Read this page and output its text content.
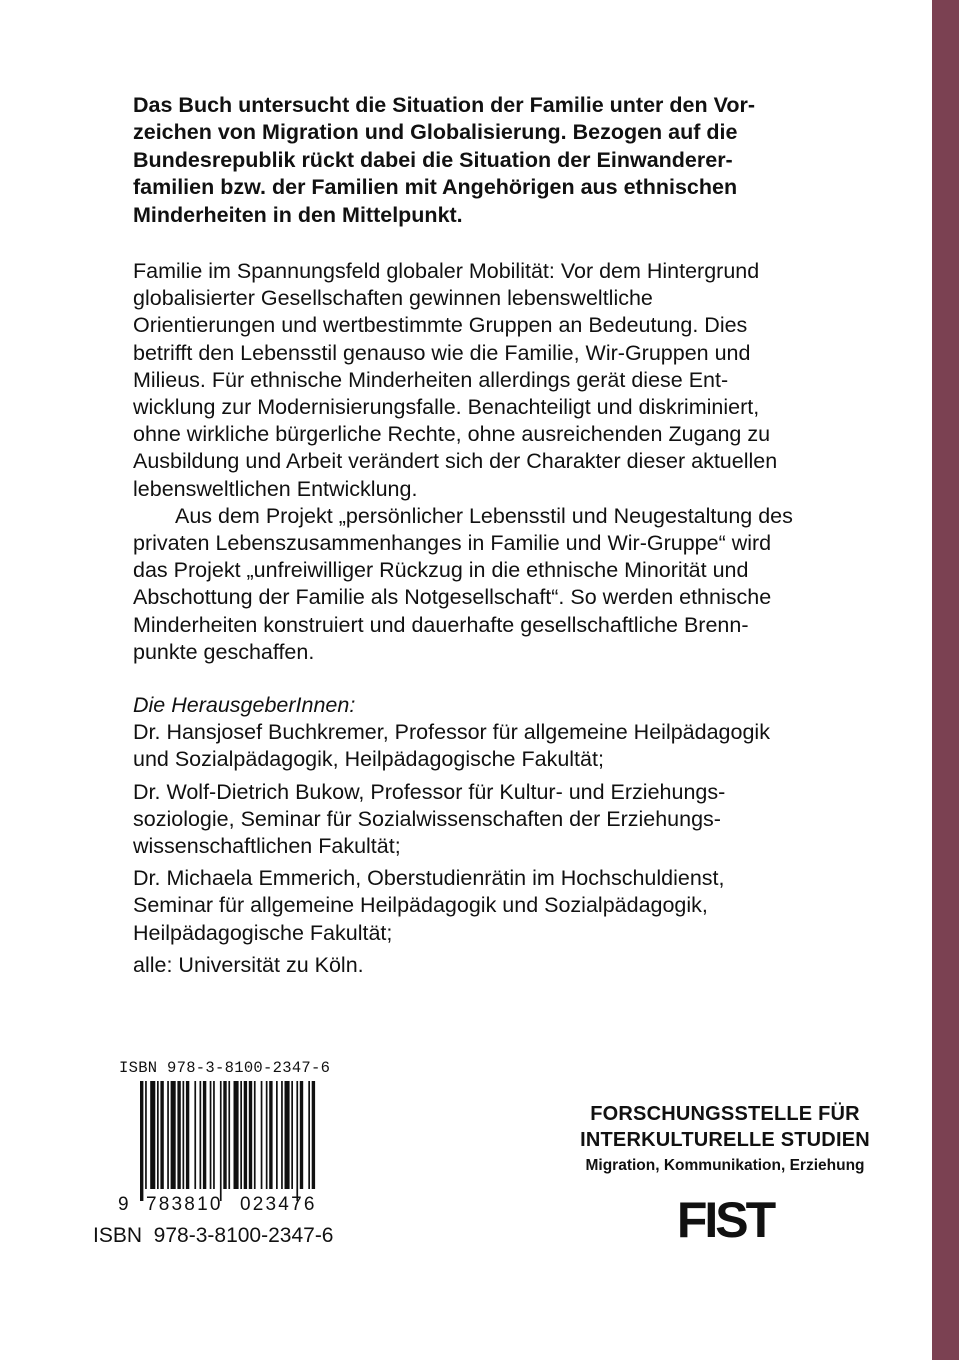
Das Buch untersucht die Situation der Familie unter den Vor-
zeichen von Migration und Globalisierung. Bezogen auf die
Bundesrepublik rückt dabei die Situation der Einwanderer-
familien bzw. der Familien mit Angehörigen aus ethnischen
Minderheiten in den Mittelpunkt.
Familie im Spannungsfeld globaler Mobilität: Vor dem Hintergrund
globalisierter Gesellschaften gewinnen lebensweltliche
Orientierungen und wertbestimmte Gruppen an Bedeutung. Dies
betrifft den Lebensstil genauso wie die Familie, Wir-Gruppen und
Milieus. Für ethnische Minderheiten allerdings gerät diese Ent-
wicklung zur Modernisierungsfalle. Benachteiligt und diskriminiert,
ohne wirkliche bürgerliche Rechte, ohne ausreichenden Zugang zu
Ausbildung und Arbeit verändert sich der Charakter dieser aktuellen
lebensweltlichen Entwicklung.
Aus dem Projekt „persönlicher Lebensstil und Neugestaltung des
privaten Lebenszusammenhanges in Familie und Wir-Gruppe“ wird
das Projekt „unfreiwilliger Rückzug in die ethnische Minorität und
Abschottung der Familie als Notgesellschaft“. So werden ethnische
Minderheiten konstruiert und dauerhafte gesellschaftliche Brenn-
punkte geschaffen.
Die HerausgeberInnen:
Dr. Hansjosef Buchkremer, Professor für allgemeine Heilpädagogik
und Sozialpädagogik, Heilpädagogische Fakultät;
Dr. Wolf-Dietrich Bukow, Professor für Kultur- und Erziehungs-
soziologie, Seminar für Sozialwissenschaften der Erziehungs-
wissenschaftlichen Fakultät;
Dr. Michaela Emmerich, Oberstudienrätin im Hochschuldienst,
Seminar für allgemeine Heilpädagogik und Sozialpädagogik,
Heilpädagogische Fakultät;
alle: Universität zu Köln.
ISBN 978-3-8100-2347-6
9 783810 023476
ISBN  978-3-8100-2347-6
FORSCHUNGSSTELLE FÜR
INTERKULTURELLE STUDIEN
Migration, Kommunikation, Erziehung
FIST
